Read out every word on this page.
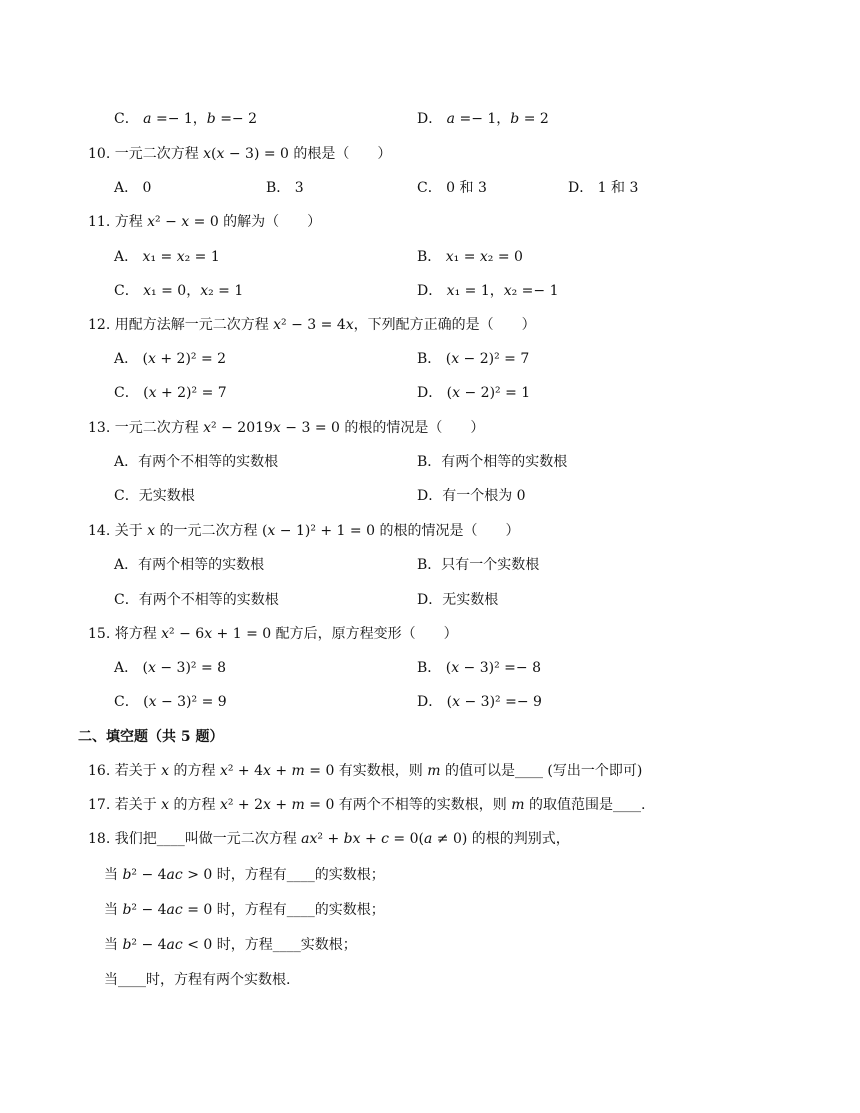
C． 𝑎 =− 1，𝑏 =− 2	D． 𝑎 =− 1，𝑏 = 2
10. 一元二次方程 𝑥(𝑥 − 3) = 0 的根是（　　）
A． 0	B． 3	C． 0 和 3	D． 1 和 3
11. 方程 𝑥² − 𝑥 = 0 的解为（　　）
A． 𝑥₁ = 𝑥₂ = 1	B． 𝑥₁ = 𝑥₂ = 0
C． 𝑥₁ = 0，𝑥₂ = 1	D． 𝑥₁ = 1，𝑥₂ =− 1
12. 用配方法解一元二次方程 𝑥² − 3 = 4𝑥，下列配方正确的是（　　）
A． (𝑥 + 2)² = 2	B． (𝑥 − 2)² = 7
C． (𝑥 + 2)² = 7	D． (𝑥 − 2)² = 1
13. 一元二次方程 𝑥² − 2019𝑥 − 3 = 0 的根的情况是（　　）
A．有两个不相等的实数根	B．有两个相等的实数根
C．无实数根	D．有一个根为 0
14. 关于 𝑥 的一元二次方程 (𝑥 − 1)² + 1 = 0 的根的情况是（　　）
A．有两个相等的实数根	B．只有一个实数根
C．有两个不相等的实数根	D．无实数根
15. 将方程 𝑥² − 6𝑥 + 1 = 0 配方后，原方程变形（　　）
A． (𝑥 − 3)² = 8	B． (𝑥 − 3)² =− 8
C． (𝑥 − 3)² = 9	D． (𝑥 − 3)² =− 9
二、填空题（共 5 题）
16. 若关于 𝑥 的方程 𝑥² + 4𝑥 + 𝑚 = 0 有实数根，则 𝑚 的值可以是____ (写出一个即可)
17. 若关于 𝑥 的方程 𝑥² + 2𝑥 + 𝑚 = 0 有两个不相等的实数根，则 𝑚 的取值范围是____.
18. 我们把____叫做一元二次方程 𝑎𝑥² + 𝑏𝑥 + 𝑐 = 0(𝑎 ≠ 0) 的根的判别式，
当 𝑏² − 4𝑎𝑐 > 0 时，方程有____的实数根；
当 𝑏² − 4𝑎𝑐 = 0 时，方程有____的实数根；
当 𝑏² − 4𝑎𝑐 < 0 时，方程____实数根；
当____时，方程有两个实数根.
